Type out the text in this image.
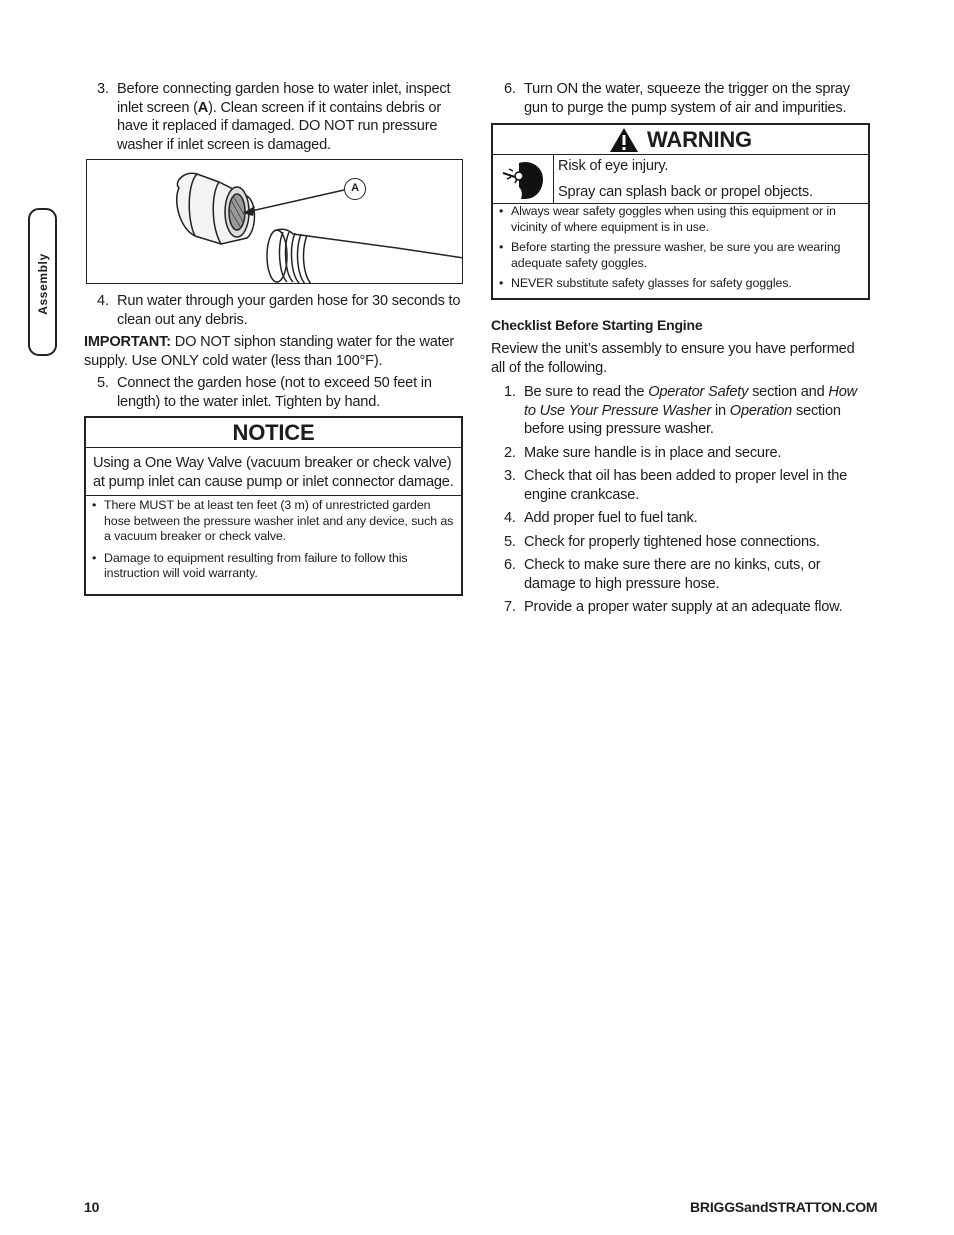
Assembly

3. Before connecting garden hose to water inlet, inspect inlet screen (A). Clean screen if it contains debris or have it replaced if damaged. DO NOT run pressure washer if inlet screen is damaged.

A

4. Run water through your garden hose for 30 seconds to clean out any debris.

IMPORTANT: DO NOT siphon standing water for the water supply. Use ONLY cold water (less than 100°F).

5. Connect the garden hose (not to exceed 50 feet in length) to the water inlet. Tighten by hand.

NOTICE
Using a One Way Valve (vacuum breaker or check valve) at pump inlet can cause pump or inlet connector damage.

• There MUST be at least ten feet (3 m) of unrestricted garden hose between the pressure washer inlet and any device, such as a vacuum breaker or check valve.

• Damage to equipment resulting from failure to follow this instruction will void warranty.

6. Turn ON the water, squeeze the trigger on the spray gun to purge the pump system of air and impurities.

WARNING
Risk of eye injury.
Spray can splash back or propel objects.

• Always wear safety goggles when using this equipment or in vicinity of where equipment is in use.

• Before starting the pressure washer, be sure you are wearing adequate safety goggles.

• NEVER substitute safety glasses for safety goggles.

Checklist Before Starting Engine

Review the unit’s assembly to ensure you have performed all of the following.

1. Be sure to read the Operator Safety section and How to Use Your Pressure Washer in Operation section before using pressure washer.

2. Make sure handle is in place and secure.

3. Check that oil has been added to proper level in the engine crankcase.

4. Add proper fuel to fuel tank.

5. Check for properly tightened hose connections.

6. Check to make sure there are no kinks, cuts, or damage to high pressure hose.

7. Provide a proper water supply at an adequate flow.

10	BRIGGSandSTRATTON.COM
